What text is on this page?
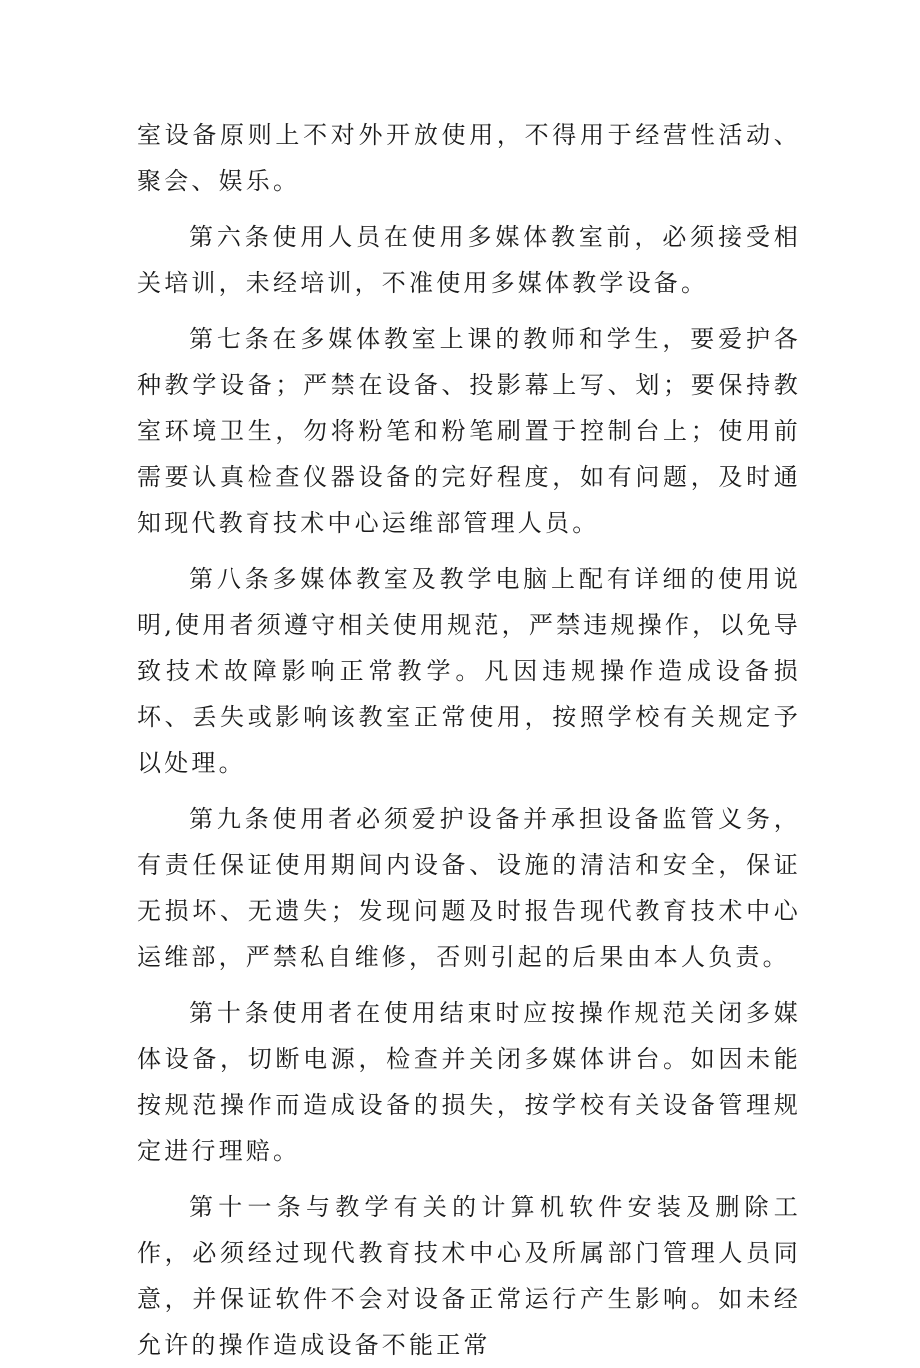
室设备原则上不对外开放使用，不得用于经营性活动、聚会、娱乐。

第六条使用人员在使用多媒体教室前，必须接受相关培训，未经培训，不准使用多媒体教学设备。

第七条在多媒体教室上课的教师和学生，要爱护各种教学设备；严禁在设备、投影幕上写、划；要保持教室环境卫生，勿将粉笔和粉笔刷置于控制台上；使用前需要认真检查仪器设备的完好程度，如有问题，及时通知现代教育技术中心运维部管理人员。

第八条多媒体教室及教学电脑上配有详细的使用说明,使用者须遵守相关使用规范，严禁违规操作，以免导致技术故障影响正常教学。凡因违规操作造成设备损坏、丢失或影响该教室正常使用，按照学校有关规定予以处理。

第九条使用者必须爱护设备并承担设备监管义务，有责任保证使用期间内设备、设施的清洁和安全，保证无损坏、无遗失；发现问题及时报告现代教育技术中心运维部，严禁私自维修，否则引起的后果由本人负责。

第十条使用者在使用结束时应按操作规范关闭多媒体设备，切断电源，检查并关闭多媒体讲台。如因未能按规范操作而造成设备的损失，按学校有关设备管理规定进行理赔。

第十一条与教学有关的计算机软件安装及删除工作，必须经过现代教育技术中心及所属部门管理人员同意，并保证软件不会对设备正常运行产生影响。如未经允许的操作造成设备不能正常
